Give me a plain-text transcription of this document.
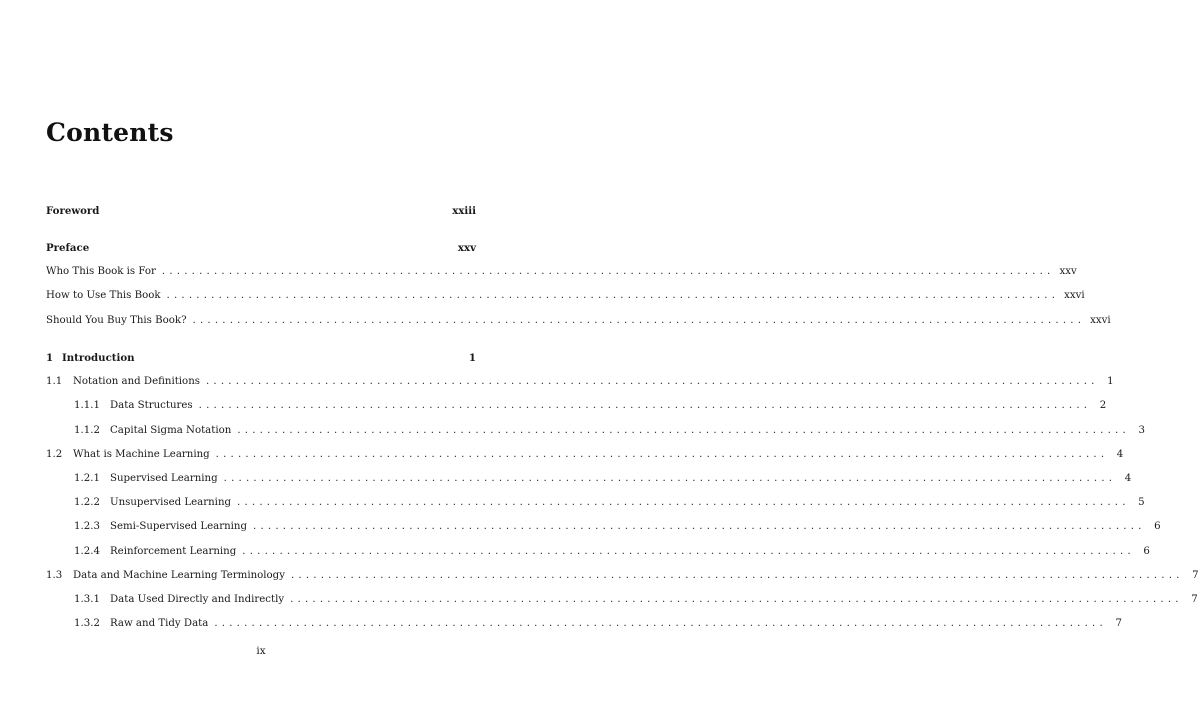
Contents
Foreword	xxiii
Preface	xxv
Who This Book is For ........................................................................................................................ xxv
How to Use This Book ........................................................................................................................ xxvi
Should You Buy This Book? ........................................................................................................................ xxvi
1 Introduction	1
1.1	Notation and Definitions ........................................................................................................................ 1
1.1.1 Data Structures ........................................................................................................................ 2
1.1.2 Capital Sigma Notation ........................................................................................................................ 3
1.2	What is Machine Learning ........................................................................................................................ 4
1.2.1 Supervised Learning ........................................................................................................................ 4
1.2.2 Unsupervised Learning ........................................................................................................................ 5
1.2.3 Semi-Supervised Learning ........................................................................................................................ 6
1.2.4 Reinforcement Learning ........................................................................................................................ 6
1.3	Data and Machine Learning Terminology ........................................................................................................................ 7
1.3.1 Data Used Directly and Indirectly ........................................................................................................................ 7
1.3.2 Raw and Tidy Data ........................................................................................................................ 7
ix
